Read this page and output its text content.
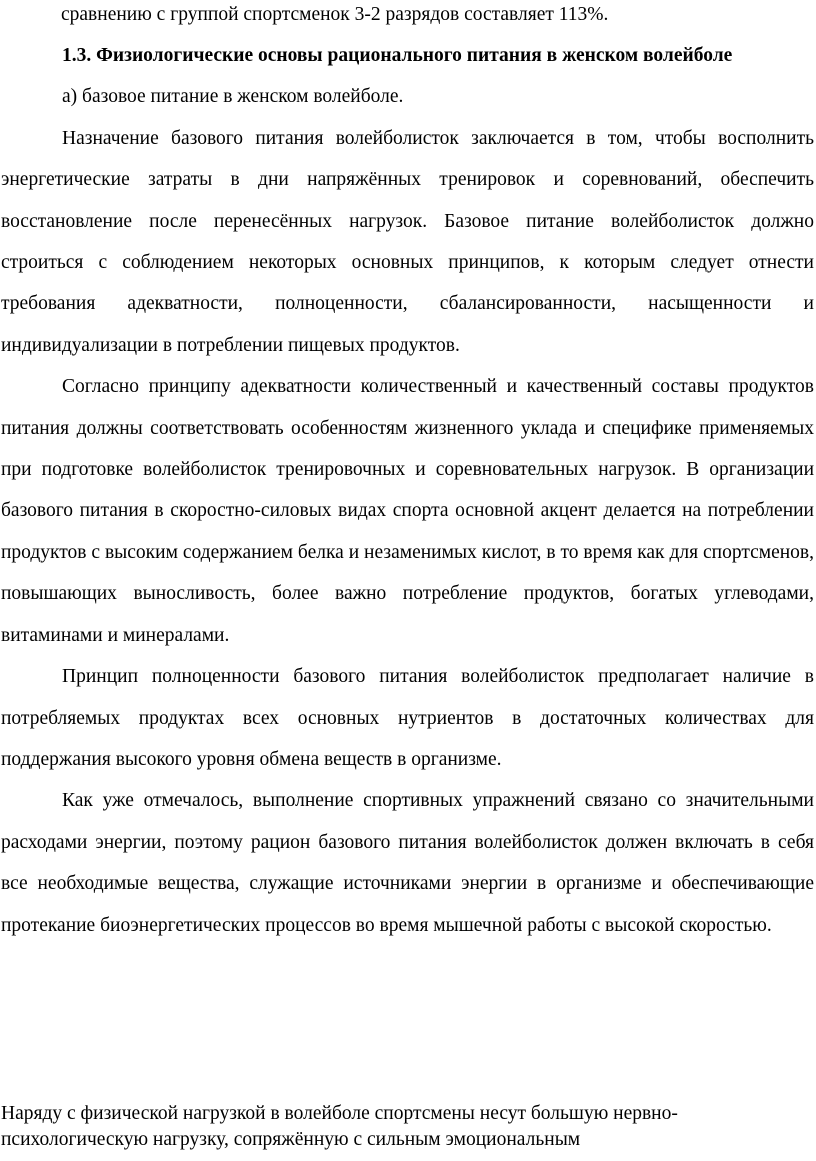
сравнению с группой спортсменок 3-2 разрядов составляет 113%.

1.3. Физиологические основы рационального питания в женском волейболе

а) базовое питание в женском волейболе.

Назначение базового питания волейболисток заключается в том, чтобы восполнить энергетические затраты в дни напряжённых тренировок и соревнований, обеспечить восстановление после перенесённых нагрузок. Базовое питание волейболисток должно строиться с соблюдением некоторых основных принципов, к которым следует отнести требования адекватности, полноценности, сбалансированности, насыщенности и индивидуализации в потреблении пищевых продуктов.

Согласно принципу адекватности количественный и качественный составы продуктов питания должны соответствовать особенностям жизненного уклада и специфике применяемых при подготовке волейболисток тренировочных и соревновательных нагрузок. В организации базового питания в скоростно-силовых видах спорта основной акцент делается на потреблении продуктов с высоким содержанием белка и незаменимых кислот, в то время как для спортсменов, повышающих выносливость, более важно потребление продуктов, богатых углеводами, витаминами и минералами.

Принцип полноценности базового питания волейболисток предполагает наличие в потребляемых продуктах всех основных нутриентов в достаточных количествах для поддержания высокого уровня обмена веществ в организме.

Как уже отмечалось, выполнение спортивных упражнений связано со значительными расходами энергии, поэтому рацион базового питания волейболисток должен включать в себя все необходимые вещества, служащие источниками энергии в организме и обеспечивающие протекание биоэнергетических процессов во время мышечной работы с высокой скоростью.

Наряду с физической нагрузкой в волейболе спортсмены несут большую нервно-психологическую нагрузку, сопряжённую с сильным эмоциональным
